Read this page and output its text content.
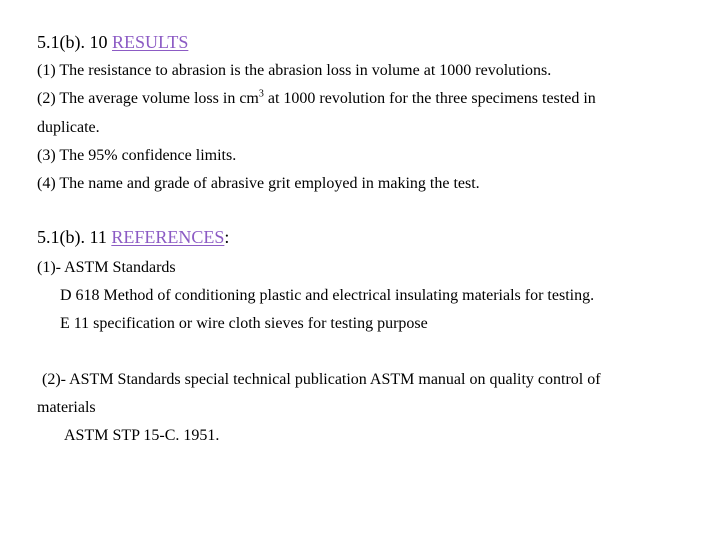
5.1(b). 10 RESULTS
(1) The resistance to abrasion is the abrasion loss in volume at 1000 revolutions.
(2) The average volume loss in $cm^3$ at 1000 revolution for the three specimens tested in
duplicate.
(3) The 95% confidence limits.
(4) The name and grade of abrasive grit employed in making the test.
5.1(b). 11 REFERENCES:
(1)- ASTM Standards
D 618 Method of conditioning plastic and electrical insulating materials for testing.
E 11 specification or wire cloth sieves for testing purpose
(2)- ASTM Standards special technical publication ASTM manual on quality control of
materials
ASTM STP 15-C. 1951.
